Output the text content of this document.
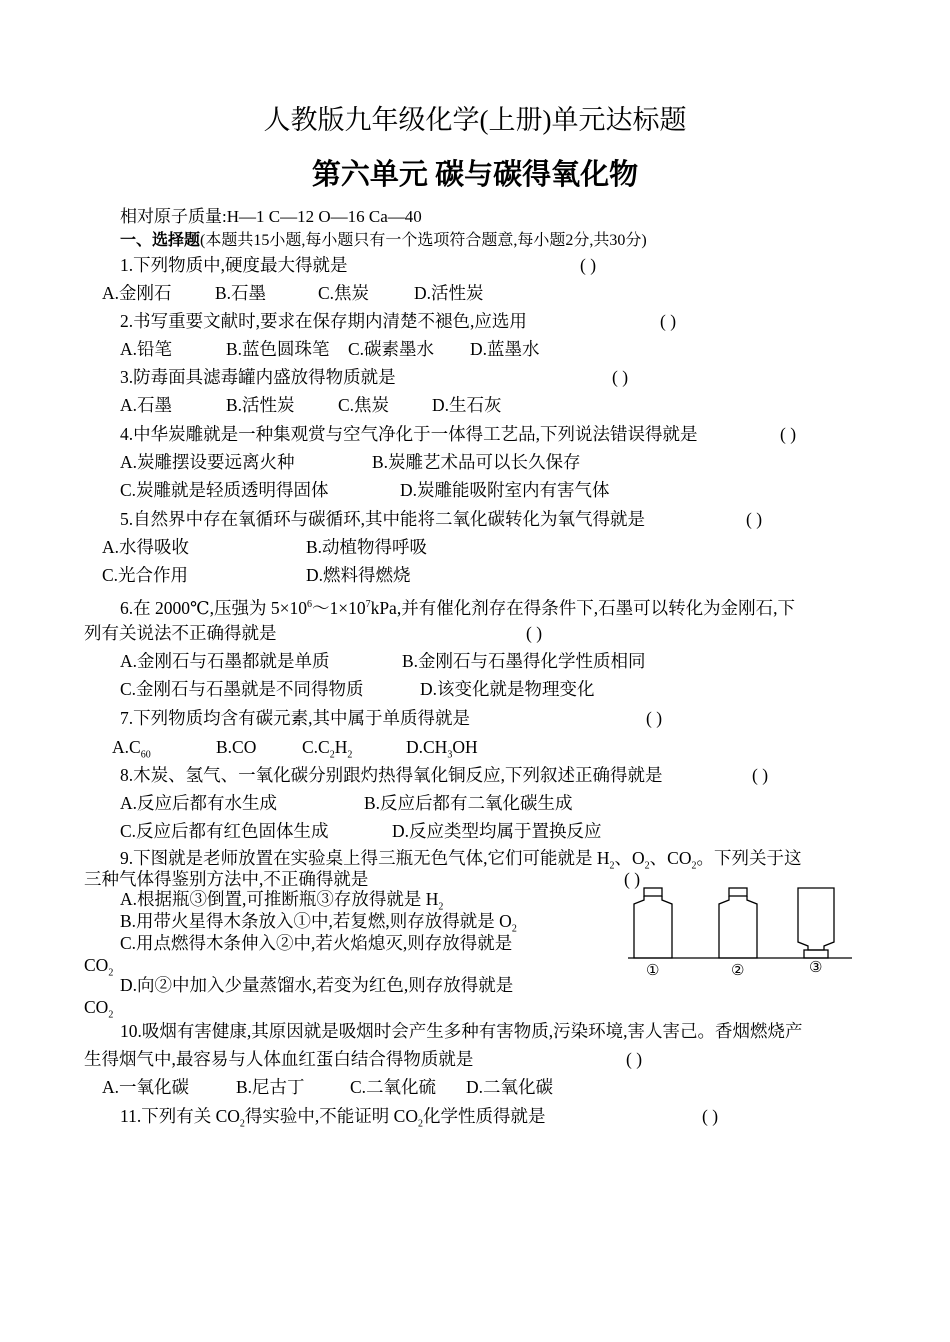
人教版九年级化学(上册)单元达标题
第六单元 碳与碳得氧化物
相对原子质量:H—1 C—12 O—16 Ca—40
一、选择题(本题共15小题,每小题只有一个选项符合题意,每小题2分,共30分)
1.下列物质中,硬度最大得就是	( )
A.金刚石 B.石墨	C.焦炭	D.活性炭
2.书写重要文献时,要求在保存期内清楚不褪色,应选用	( )
A.铅笔	B.蓝色圆珠笔 C.碳素墨水 D.蓝墨水
3.防毒面具滤毒罐内盛放得物质就是	( )
A.石墨	B.活性炭 C.焦炭 D.生石灰
4.中华炭雕就是一种集观赏与空气净化于一体得工艺品,下列说法错误得就是	( )
A.炭雕摆设要远离火种	B.炭雕艺术品可以长久保存
C.炭雕就是轻质透明得固体	D.炭雕能吸附室内有害气体
5.自然界中存在氧循环与碳循环,其中能将二氧化碳转化为氧气得就是	( )
A.水得吸收	B.动植物得呼吸
C.光合作用	D.燃料得燃烧
6.在 2000℃,压强为 $5\times 10^6\sim 1\times 10^7kPa$,并有催化剂存在得条件下,石墨可以转化为金刚石,下
列有关说法不正确得就是	( )
A.金刚石与石墨都就是单质	B.金刚石与石墨得化学性质相同
C.金刚石与石墨就是不同得物质	D.该变化就是物理变化
7.下列物质均含有碳元素,其中属于单质得就是	( )
$A.C_{60}$	B.CO	$C.C_2H_2$	$D.CH_3OH$
8.木炭、氢气、一氧化碳分别跟灼热得氧化铜反应,下列叙述正确得就是	( )
A.反应后都有水生成	B.反应后都有二氧化碳生成
C.反应后都有红色固体生成	D.反应类型均属于置换反应
9.下图就是老师放置在实验桌上得三瓶无色气体,它们可能就是 $H_2$、$O_2$、$CO_2$。下列关于这
三种气体得鉴别方法中,不正确得就是	( )
A.根据瓶③倒置,可推断瓶③存放得就是 $H_2$
B.用带火星得木条放入①中,若复燃,则存放得就是 $O_2$
C.用点燃得木条伸入②中,若火焰熄灭,则存放得就是
$CO_2$
D.向②中加入少量蒸馏水,若变为红色,则存放得就是
$CO_2$
①	②	③
10.吸烟有害健康,其原因就是吸烟时会产生多种有害物质,污染环境,害人害己。香烟燃烧产
生得烟气中,最容易与人体血红蛋白结合得物质就是	( )
A.一氧化碳	B.尼古丁	C.二氧化硫 D.二氧化碳
11.下列有关 $CO_2$得实验中,不能证明 $CO_2$化学性质得就是	( )
